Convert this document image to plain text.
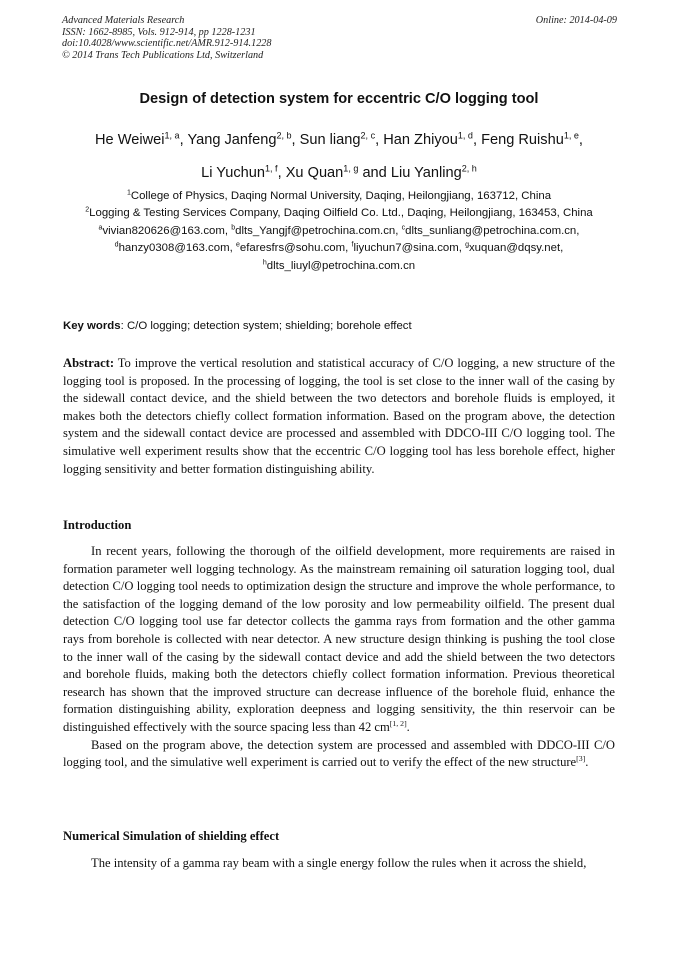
Advanced Materials Research
ISSN: 1662-8985, Vols. 912-914, pp 1228-1231
doi:10.4028/www.scientific.net/AMR.912-914.1228
© 2014 Trans Tech Publications Ltd, Switzerland
Online: 2014-04-09
Design of detection system for eccentric C/O logging tool
He Weiwei$^{1, a}$, Yang Janfeng$^{2, b}$, Sun liang$^{2, c}$, Han Zhiyou$^{1, d}$, Feng Ruishu$^{1, e}$,
Li Yuchun$^{1, f}$, Xu Quan$^{1, g}$ and Liu Yanling$^{2, h}$
$^1$College of Physics, Daqing Normal University, Daqing, Heilongjiang, 163712, China
$^2$Logging & Testing Services Company, Daqing Oilfield Co. Ltd., Daqing, Heilongjiang, 163453, China
$^a$vivian820626@163.com, $^b$dlts_Yangjf@petrochina.com.cn, $^c$dlts_sunliang@petrochina.com.cn,
$^d$hanzy0308@163.com, $^e$efaresfrs@sohu.com, $^f$liyuchun7@sina.com, $^g$xuquan@dqsy.net,
$^h$dlts_liuyl@petrochina.com.cn
Key words: C/O logging; detection system; shielding; borehole effect
Abstract: To improve the vertical resolution and statistical accuracy of C/O logging, a new structure of the logging tool is proposed. In the processing of logging, the tool is set close to the inner wall of the casing by the sidewall contact device, and the shield between the two detectors and borehole fluids is employed, it makes both the detectors chiefly collect formation information. Based on the program above, the detection system and the sidewall contact device are processed and assembled with DDCO-III C/O logging tool. The simulative well experiment results show that the eccentric C/O logging tool has less borehole effect, higher logging sensitivity and better formation distinguishing ability.
Introduction

In recent years, following the thorough of the oilfield development, more requirements are raised in formation parameter well logging technology. As the mainstream remaining oil saturation logging tool, dual detection C/O logging tool needs to optimization design the structure and improve the whole performance, to the satisfaction of the logging demand of the low porosity and low permeability oilfield. The present dual detection C/O logging tool use far detector collects the gamma rays from formation and the other gamma rays from borehole is collected with near detector. A new structure design thinking is pushing the tool close to the inner wall of the casing by the sidewall contact device and add the shield between the two detectors and borehole fluids, making both the detectors chiefly collect formation information. Previous theoretical research has shown that the improved structure can decrease influence of the borehole fluid, enhance the formation distinguishing ability, exploration deepness and logging sensitivity, the thin reservoir can be distinguished effectively with the source spacing less than 42 cm[1, 2].

Based on the program above, the detection system are processed and assembled with DDCO-III C/O logging tool, and the simulative well experiment is carried out to verify the effect of the new structure[3].

Numerical Simulation of shielding effect

The intensity of a gamma ray beam with a single energy follow the rules when it across the shield,
